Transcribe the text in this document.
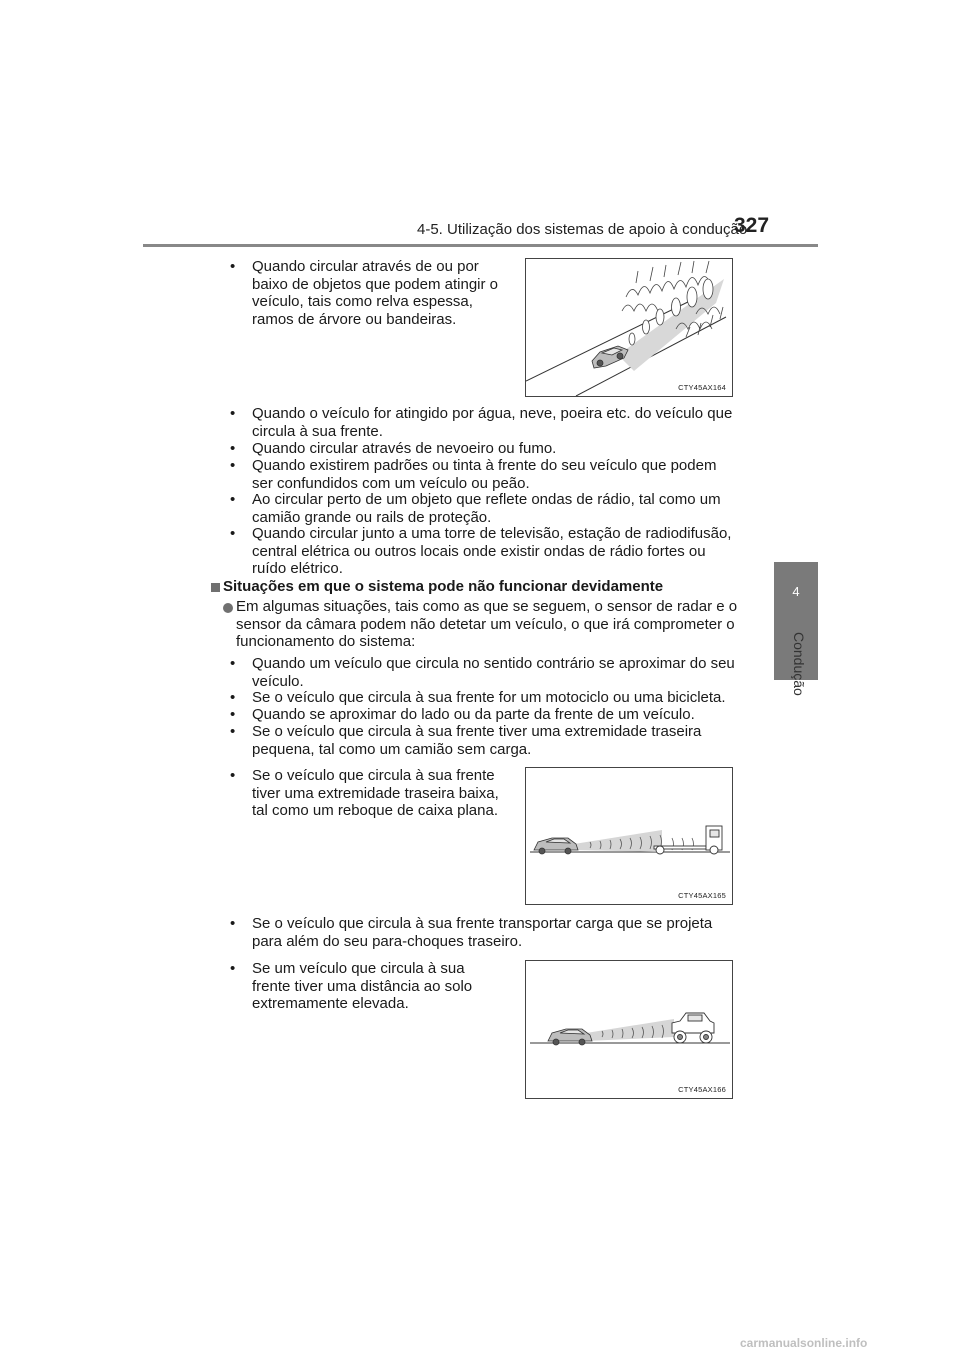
4-5. Utilização dos sistemas de apoio à condução
327
4
Condução
• Quando circular através de ou por
baixo de objetos que podem atingir o
veículo, tais como relva espessa,
ramos de árvore ou bandeiras.
CTY45AX164
• Quando o veículo for atingido por água, neve, poeira etc. do veículo que
circula à sua frente.
• Quando circular através de nevoeiro ou fumo.
• Quando existirem padrões ou tinta à frente do seu veículo que podem
ser confundidos com um veículo ou peão.
• Ao circular perto de um objeto que reflete ondas de rádio, tal como um
camião grande ou rails de proteção.
• Quando circular junto a uma torre de televisão, estação de radiodifusão,
central elétrica ou outros locais onde existir ondas de rádio fortes ou
ruído elétrico.
Situações em que o sistema pode não funcionar devidamente
Em algumas situações, tais como as que se seguem, o sensor de radar e o
sensor da câmara podem não detetar um veículo, o que irá comprometer o
funcionamento do sistema:
• Quando um veículo que circula no sentido contrário se aproximar do seu
veículo.
• Se o veículo que circula à sua frente for um motociclo ou uma bicicleta.
• Quando se aproximar do lado ou da parte da frente de um veículo.
• Se o veículo que circula à sua frente tiver uma extremidade traseira
pequena, tal como um camião sem carga.
• Se o veículo que circula à sua frente
tiver uma extremidade traseira baixa,
tal como um reboque de caixa plana.
CTY45AX165
• Se o veículo que circula à sua frente transportar carga que se projeta
para além do seu para-choques traseiro.
• Se um veículo que circula à sua
frente tiver uma distância ao solo
extremamente elevada.
CTY45AX166
carmanualsonline.info
